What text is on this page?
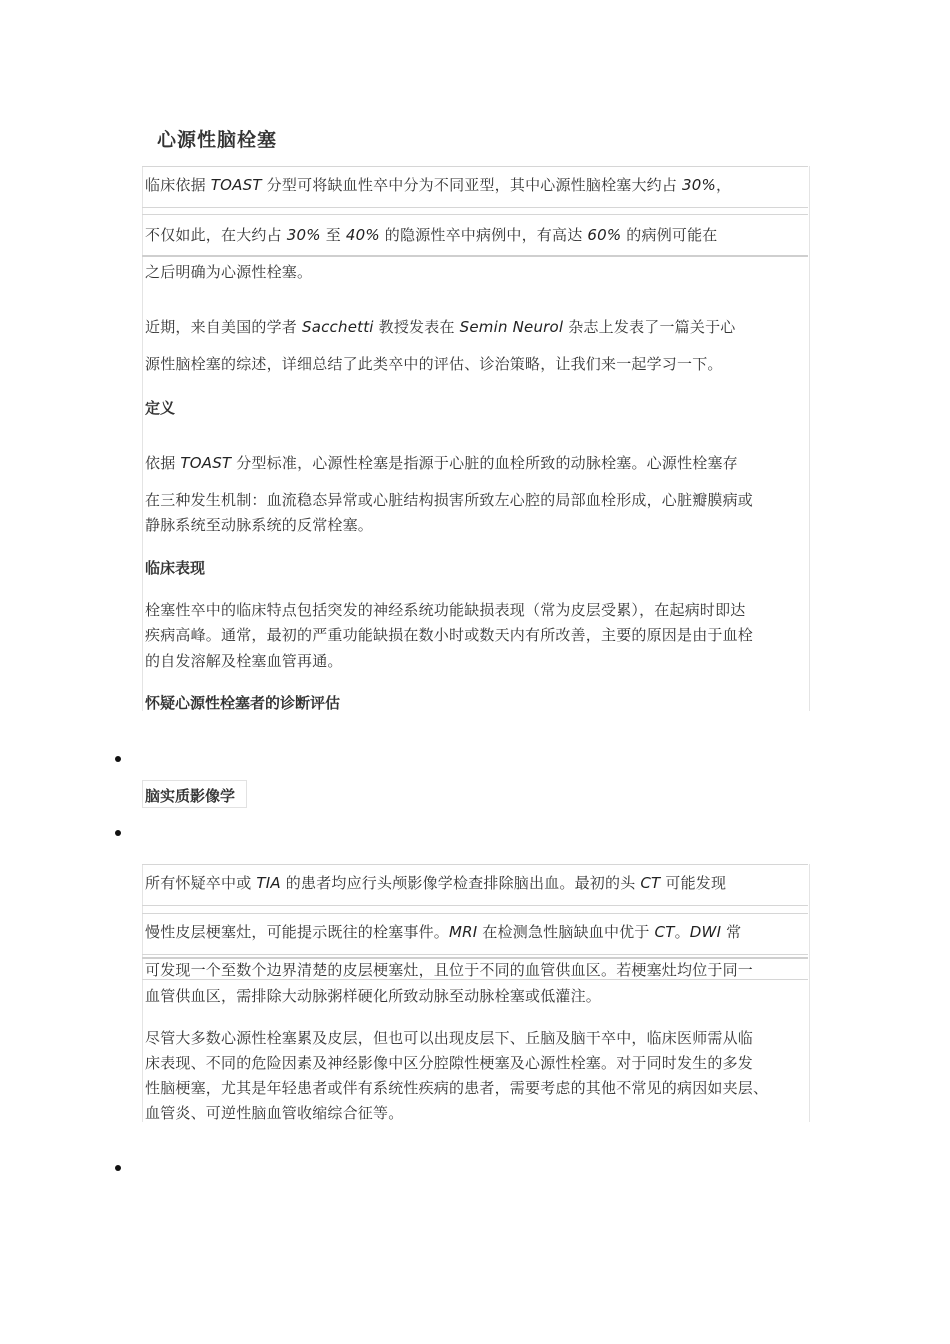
心源性脑栓塞
临床依据 TOAST 分型可将缺血性卒中分为不同亚型，其中心源性脑栓塞大约占 30%，
不仅如此，在大约占 30% 至 40% 的隐源性卒中病例中，有高达 60% 的病例可能在
之后明确为心源性栓塞。
近期，来自美国的学者 Sacchetti 教授发表在 Semin Neurol 杂志上发表了一篇关于心
源性脑栓塞的综述，详细总结了此类卒中的评估、诊治策略，让我们来一起学习一下。
定义
依据 TOAST 分型标准，心源性栓塞是指源于心脏的血栓所致的动脉栓塞。心源性栓塞存
在三种发生机制：血流稳态异常或心脏结构损害所致左心腔的局部血栓形成，心脏瓣膜病或
静脉系统至动脉系统的反常栓塞。
临床表现
栓塞性卒中的临床特点包括突发的神经系统功能缺损表现（常为皮层受累），在起病时即达
疾病高峰。通常，最初的严重功能缺损在数小时或数天内有所改善，主要的原因是由于血栓
的自发溶解及栓塞血管再通。
怀疑心源性栓塞者的诊断评估
脑实质影像学
所有怀疑卒中或 TIA 的患者均应行头颅影像学检查排除脑出血。最初的头 CT 可能发现
慢性皮层梗塞灶，可能提示既往的栓塞事件。MRI 在检测急性脑缺血中优于 CT。DWI 常
可发现一个至数个边界清楚的皮层梗塞灶，且位于不同的血管供血区。若梗塞灶均位于同一
血管供血区，需排除大动脉粥样硬化所致动脉至动脉栓塞或低灌注。
尽管大多数心源性栓塞累及皮层，但也可以出现皮层下、丘脑及脑干卒中，临床医师需从临
床表现、不同的危险因素及神经影像中区分腔隙性梗塞及心源性栓塞。对于同时发生的多发
性脑梗塞，尤其是年轻患者或伴有系统性疾病的患者，需要考虑的其他不常见的病因如夹层、
血管炎、可逆性脑血管收缩综合征等。
